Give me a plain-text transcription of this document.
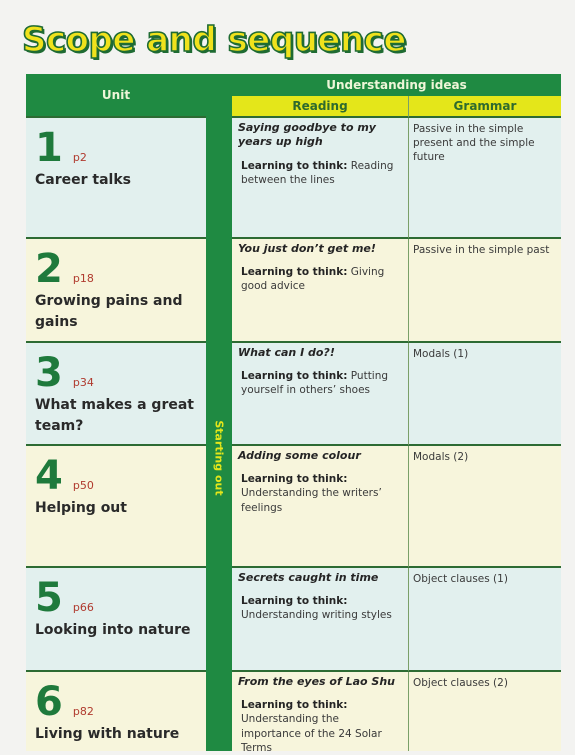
Scope and sequence
Unit
Understanding ideas
Reading	Grammar
1 p2
Career talks
Saying goodbye to my years up high
Learning to think: Reading between the lines
Passive in the simple present and the simple future
2 p18
Growing pains and gains
You just don’t get me!
Learning to think: Giving good advice
Passive in the simple past
3 p34
What makes a great team?
What can I do?!
Learning to think: Putting yourself in others’ shoes
Modals (1)
4 p50
Helping out
Adding some colour
Learning to think: Understanding the writers’ feelings
Modals (2)
5 p66
Looking into nature
Secrets caught in time
Learning to think: Understanding writing styles
Object clauses (1)
6 p82
Living with nature
From the eyes of Lao Shu
Learning to think: Understanding the importance of the 24 Solar Terms
Object clauses (2)
Starting out
